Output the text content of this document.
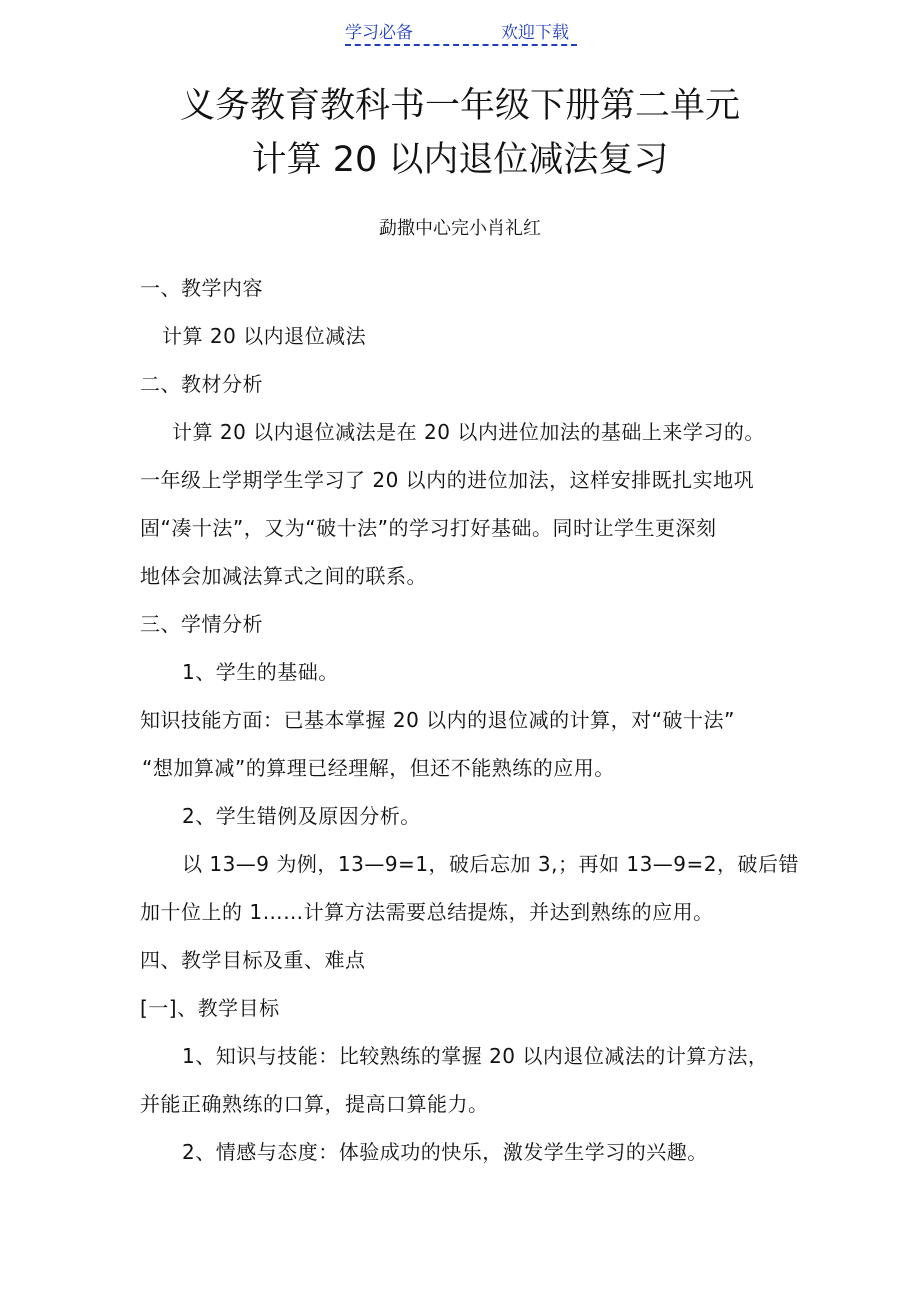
学习必备	欢迎下载
义务教育教科书一年级下册第二单元
计算 20 以内退位减法复习
勐撒中心完小肖礼红
一、教学内容
计算 20 以内退位减法
二、教材分析
计算 20 以内退位减法是在 20 以内进位加法的基础上来学习的。
一年级上学期学生学习了 20 以内的进位加法，这样安排既扎实地巩
固“凑十法”，又为“破十法”的学习打好基础。同时让学生更深刻
地体会加减法算式之间的联系。
三、学情分析
1、学生的基础。
知识技能方面：已基本掌握 20 以内的退位减的计算，对“破十法”
“想加算减”的算理已经理解，但还不能熟练的应用。
2、学生错例及原因分析。
以 13—9 为例，13—9=1，破后忘加 3,；再如 13—9=2，破后错
加十位上的 1……计算方法需要总结提炼，并达到熟练的应用。
四、教学目标及重、难点
[一]、教学目标
1、知识与技能：比较熟练的掌握 20 以内退位减法的计算方法，
并能正确熟练的口算，提高口算能力。
2、情感与态度：体验成功的快乐，激发学生学习的兴趣。
